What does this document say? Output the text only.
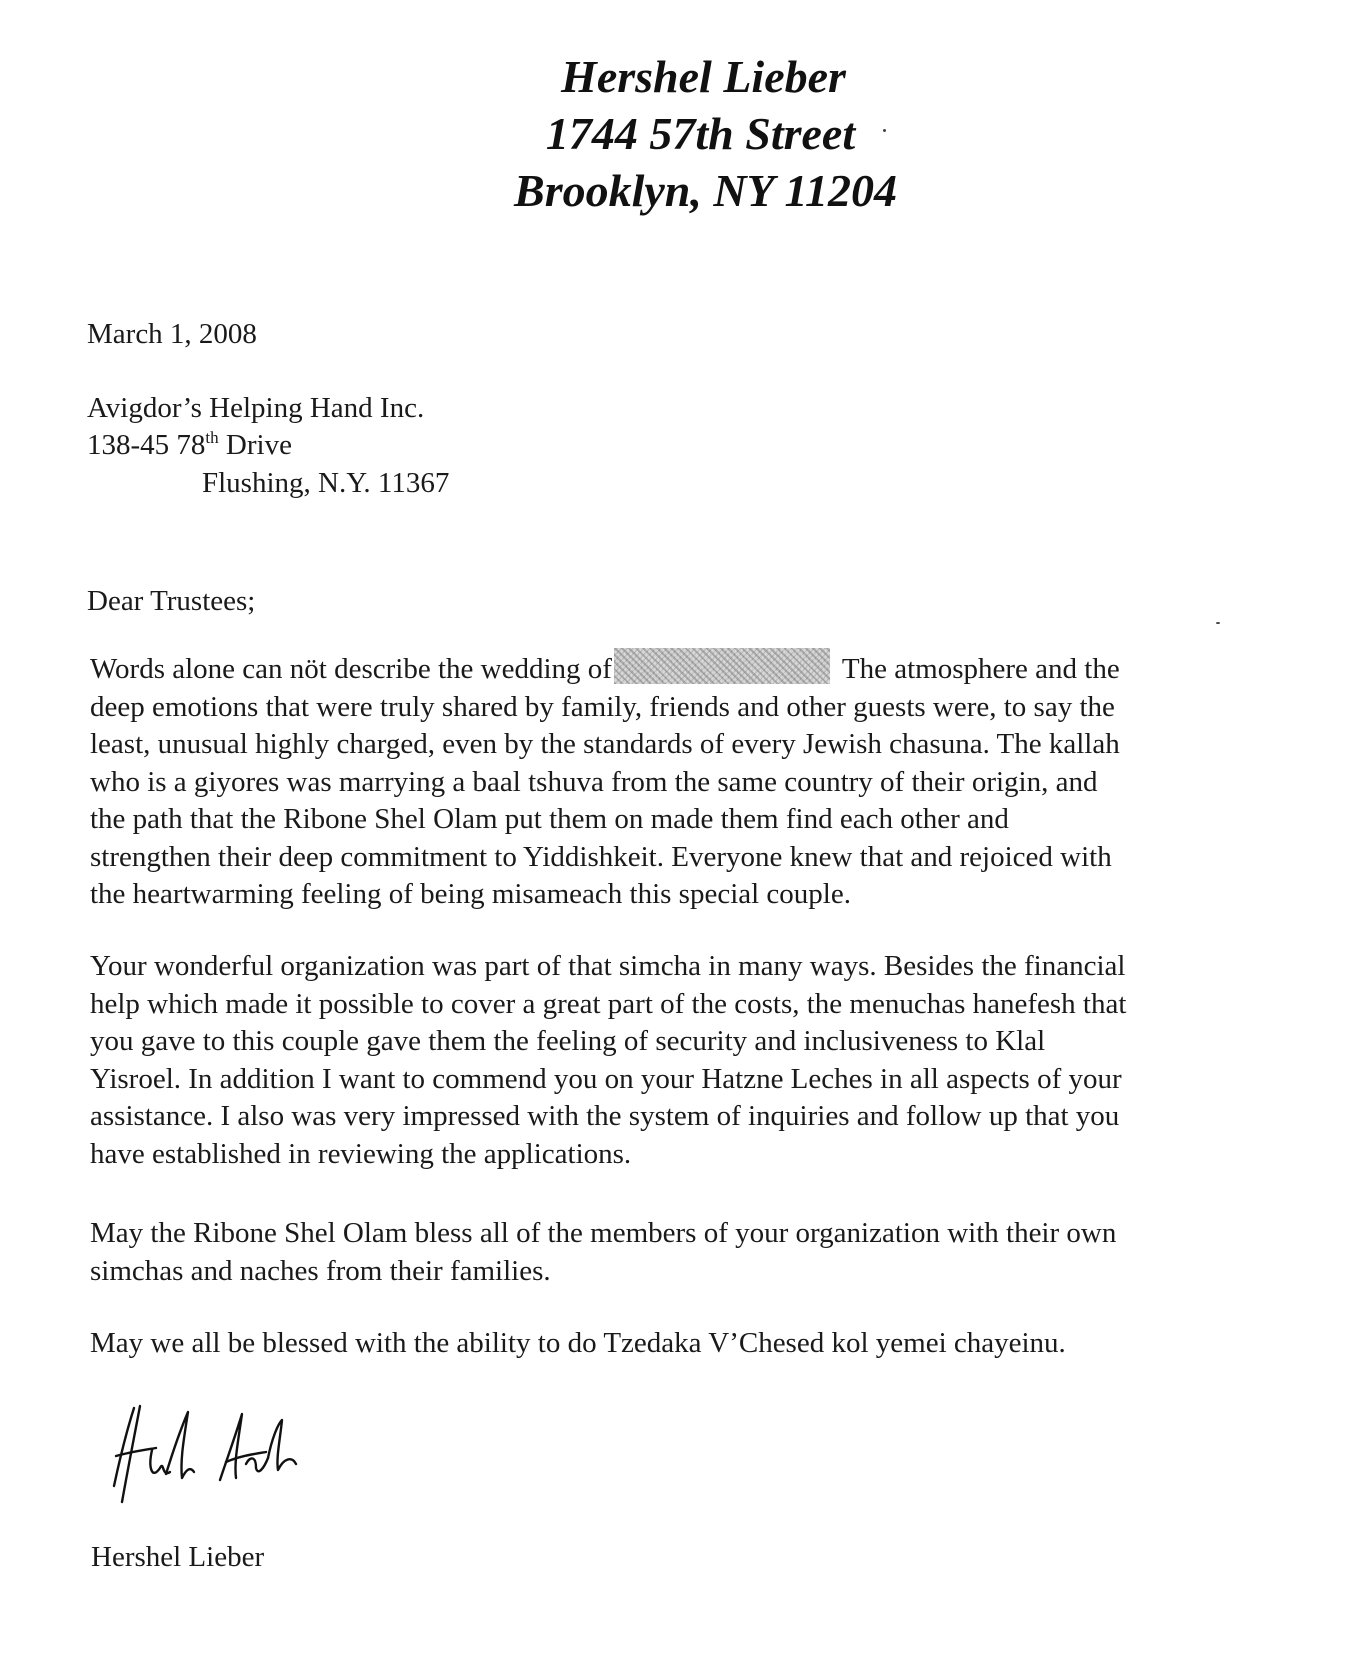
Hershel Lieber
1744 57th Street
Brooklyn, NY 11204
March 1, 2008
Avigdor’s Helping Hand Inc.
138-45 78th Drive
Flushing, N.Y. 11367
Dear Trustees;
Words alone can nöt describe the wedding of	The atmosphere and the
deep emotions that were truly shared by family, friends and other guests were, to say the
least, unusual highly charged, even by the standards of every Jewish chasuna. The kallah
who is a giyores was marrying a baal tshuva from the same country of their origin, and
the path that the Ribone Shel Olam put them on made them find each other and
strengthen their deep commitment to Yiddishkeit. Everyone knew that and rejoiced with
the heartwarming feeling of being misameach this special couple.
Your wonderful organization was part of that simcha in many ways. Besides the financial
help which made it possible to cover a great part of the costs, the menuchas hanefesh that
you gave to this couple gave them the feeling of security and inclusiveness to Klal
Yisroel. In addition I want to commend you on your Hatzne Leches in all aspects of your
assistance. I also was very impressed with the system of inquiries and follow up that you
have established in reviewing the applications.
May the Ribone Shel Olam bless all of the members of your organization with their own
simchas and naches from their families.
May we all be blessed with the ability to do Tzedaka V’Chesed kol yemei chayeinu.
Hershel Lieber
